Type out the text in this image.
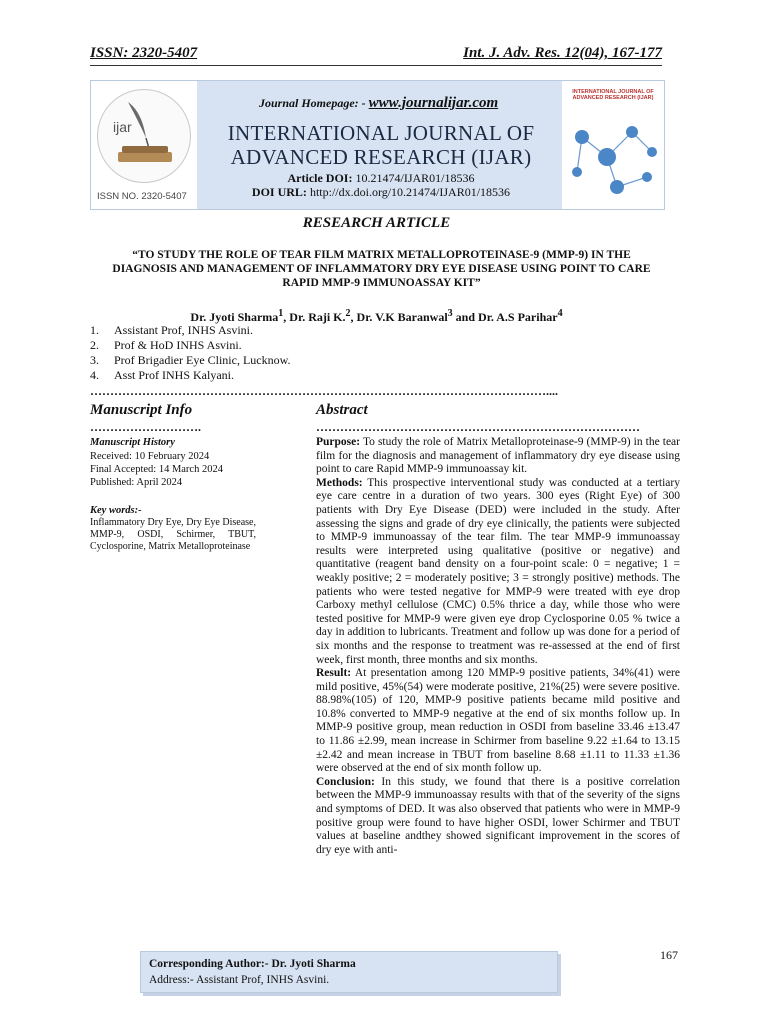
ISSN: 2320-5407	Int. J. Adv. Res. 12(04), 167-177
ijar
ISSN NO. 2320-5407
Journal Homepage: - www.journalijar.com
INTERNATIONAL JOURNAL OF
ADVANCED RESEARCH (IJAR)
Article DOI: 10.21474/IJAR01/18536
DOI URL: http://dx.doi.org/10.21474/IJAR01/18536
INTERNATIONAL JOURNAL OF ADVANCED RESEARCH (IJAR)
RESEARCH ARTICLE
“TO STUDY THE ROLE OF TEAR FILM MATRIX METALLOPROTEINASE-9 (MMP-9) IN THE DIAGNOSIS AND MANAGEMENT OF INFLAMMATORY DRY EYE DISEASE USING POINT TO CARE RAPID MMP-9 IMMUNOASSAY KIT”
Dr. Jyoti Sharma$^1$, Dr. Raji K.$^2$, Dr. V.K Baranwal$^3$ and Dr. A.S Parihar$^4$
1.	Assistant Prof, INHS Asvini.
2.	Prof & HoD INHS Asvini.
3.	Prof Brigadier Eye Clinic, Lucknow.
4.	Asst Prof INHS Kalyani.
……………………………………………………………………………………………………....
Manuscript Info
……………………….
Manuscript History
Received: 10 February 2024
Final Accepted: 14 March 2024
Published: April 2024
Key words:-
Inflammatory Dry Eye, Dry Eye Disease, MMP-9, OSDI, Schirmer, TBUT, Cyclosporine, Matrix Metalloproteinase
Abstract
………………………………………………………………………

Purpose: To study the role of Matrix Metalloproteinase-9 (MMP-9) in the tear film for the diagnosis and management of inflammatory dry eye disease using point to care Rapid MMP-9 immunoassay kit.

Methods: This prospective interventional study was conducted at a tertiary eye care centre in a duration of two years. 300 eyes (Right Eye) of 300 patients with Dry Eye Disease (DED) were included in the study. After assessing the signs and grade of dry eye clinically, the patients were subjected to MMP-9 immunoassay of the tear film. The tear MMP-9 immunoassay results were interpreted using qualitative (positive or negative) and quantitative (reagent band density on a four-point scale: 0 = negative; 1 = weakly positive; 2 = moderately positive; 3 = strongly positive) methods. The patients who were tested negative for MMP-9 were treated with eye drop Carboxy methyl cellulose (CMC) 0.5% thrice a day, while those who were tested positive for MMP-9 were given eye drop Cyclosporine 0.05 % twice a day in addition to lubricants. Treatment and follow up was done for a period of six months and the response to treatment was re-assessed at the end of first week, first month, three months and six months.

Result: At presentation among 120 MMP-9 positive patients, 34%(41) were mild positive, 45%(54) were moderate positive, 21%(25) were severe positive. 88.98%(105) of 120, MMP-9 positive patients became mild positive and 10.8% converted to MMP-9 negative at the end of six months follow up. In MMP-9 positive group, mean reduction in OSDI from baseline 33.46 ±13.47 to 11.86 ±2.99, mean increase in Schirmer from baseline 9.22 ±1.64 to 13.15 ±2.42 and mean increase in TBUT from baseline 8.68 ±1.11 to 11.33 ±1.36 were observed at the end of six month follow up.

Conclusion: In this study, we found that there is a positive correlation between the MMP-9 immunoassay results with that of the severity of the signs and symptoms of DED. It was also observed that patients who were in MMP-9 positive group were found to have higher OSDI, lower Schirmer and TBUT values at baseline andthey showed significant improvement in the scores of dry eye with anti-

167
Corresponding Author:- Dr. Jyoti Sharma
Address:- Assistant Prof, INHS Asvini.
